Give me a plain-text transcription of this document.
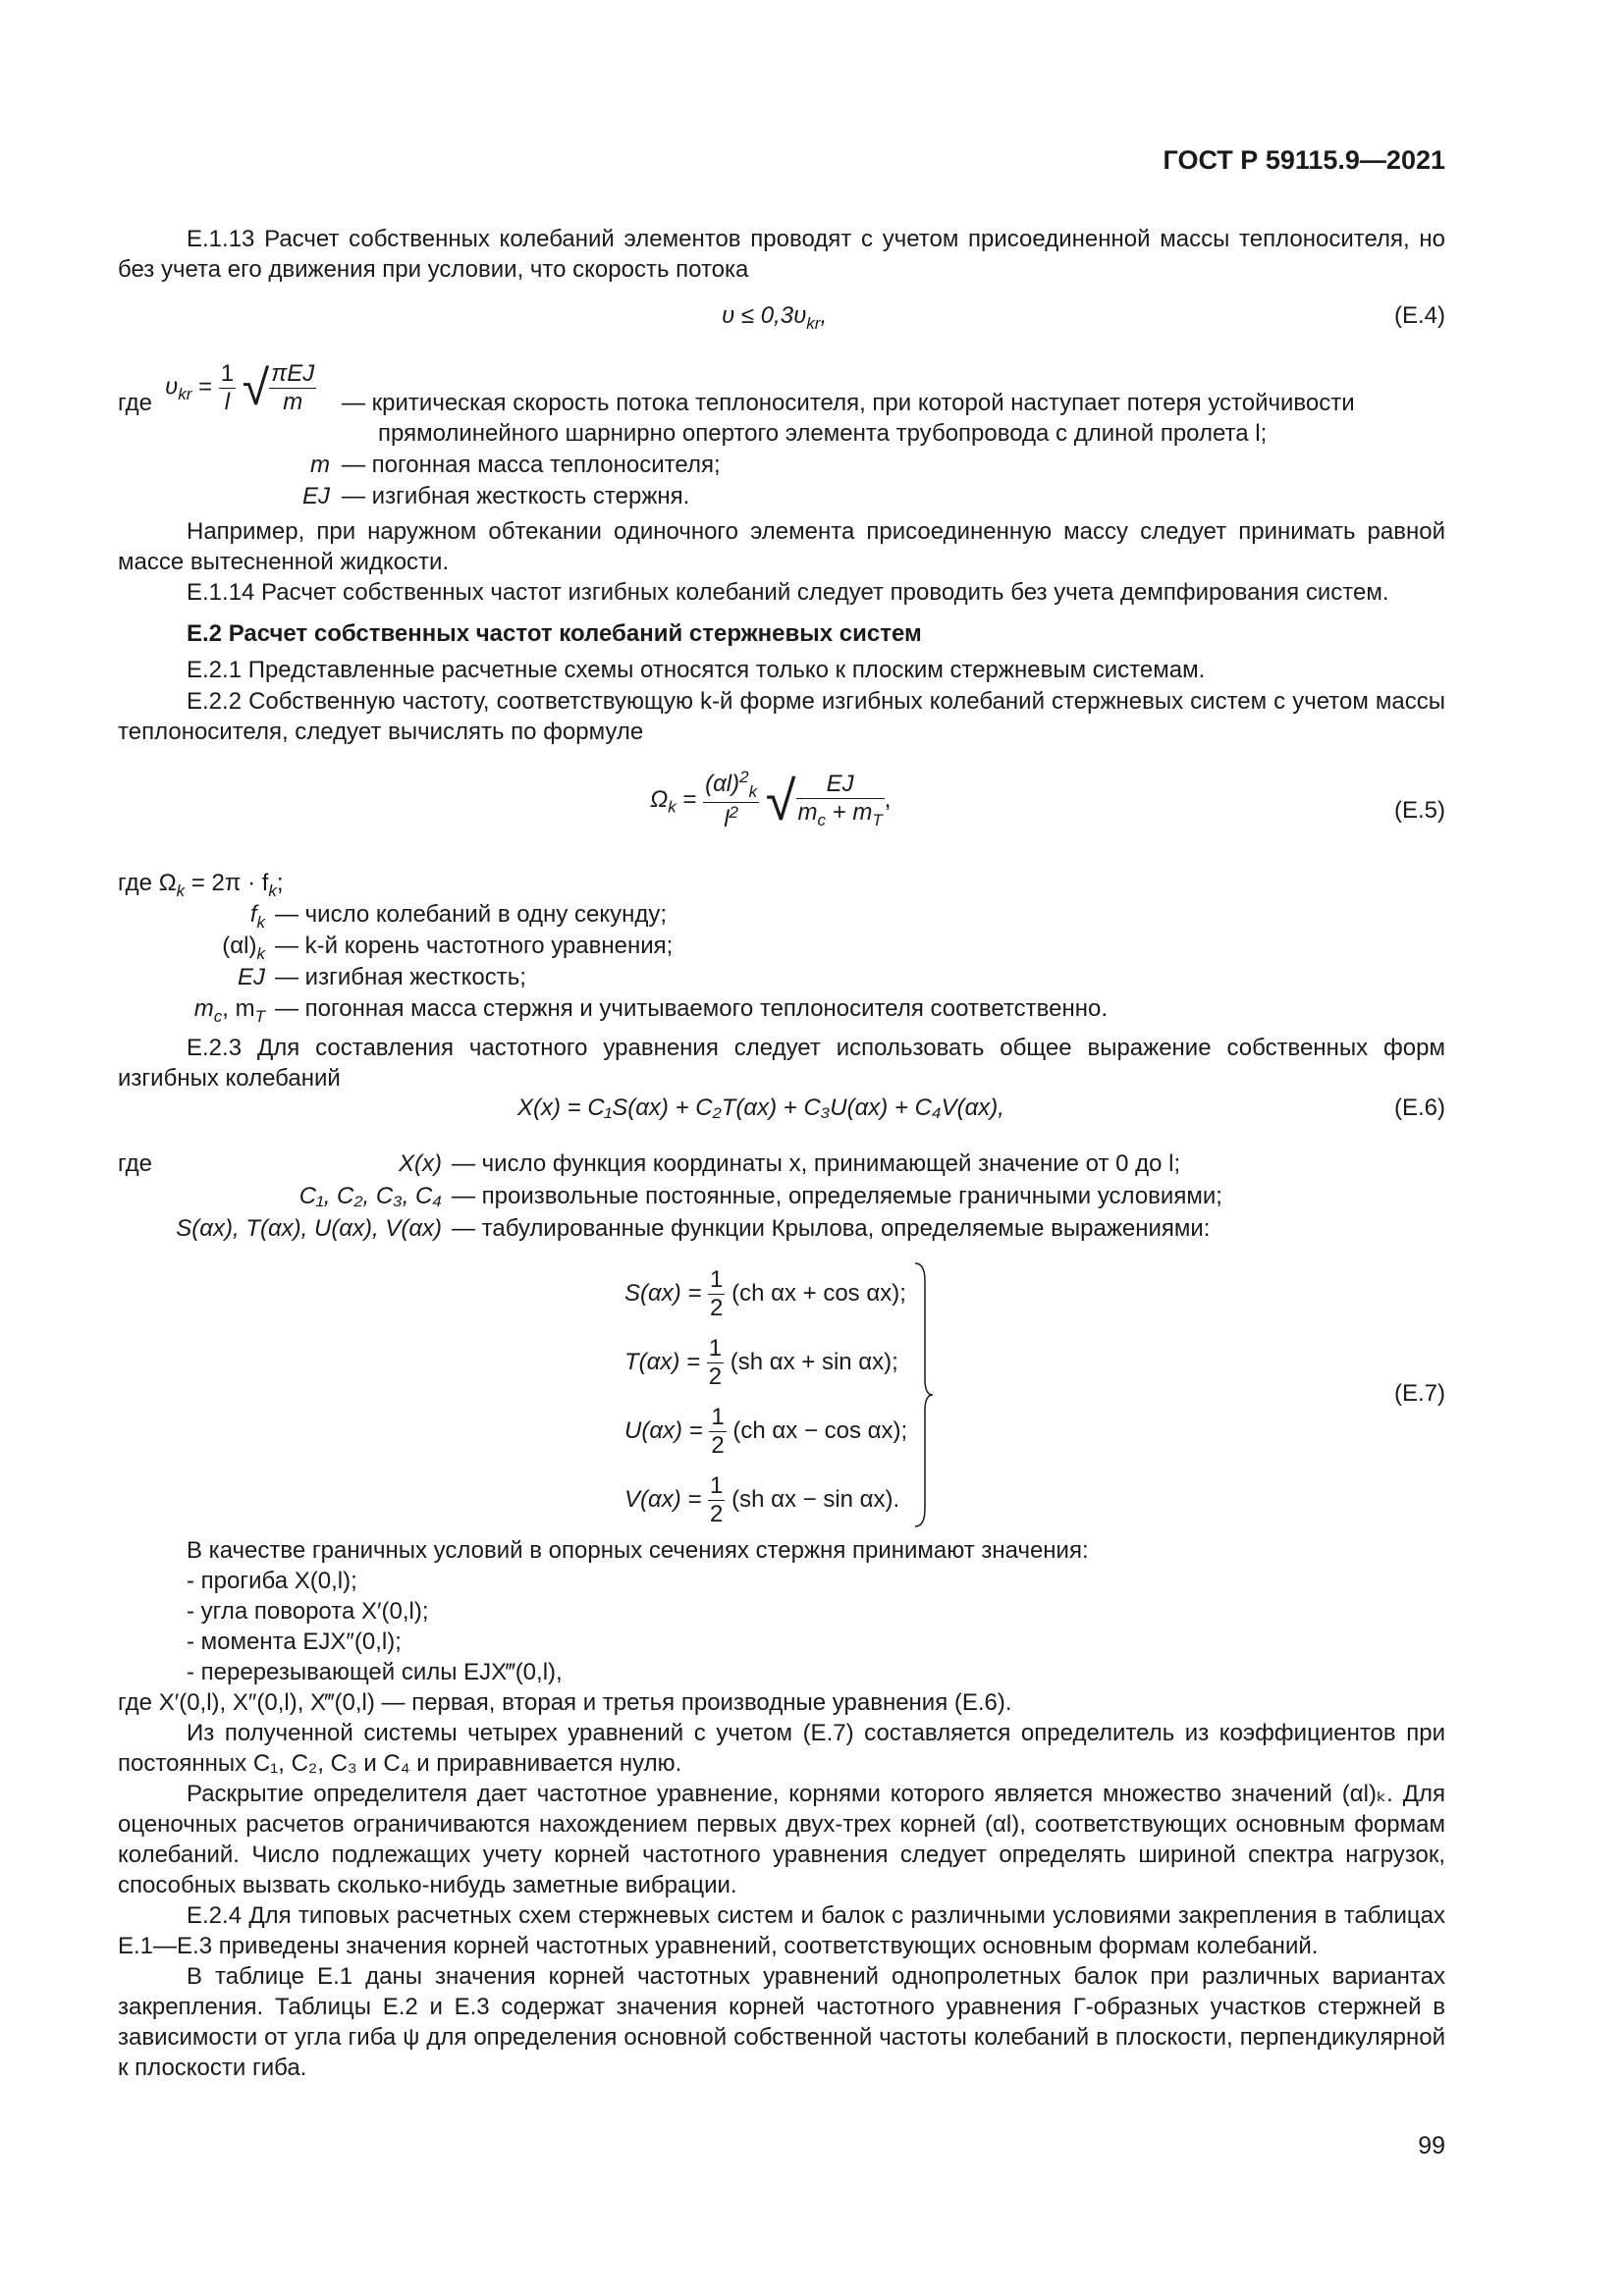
ГОСТ Р 59115.9—2021
Е.1.13 Расчет собственных колебаний элементов проводят с учетом присоединенной массы теплоносителя, но без учета его движения при условии, что скорость потока
$\upsilon \le 0,3\upsilon_{kr}$,	(Е.4)
где
$\upsilon_{kr} = \frac{1}{l}$ √ $\frac{\text{πEJ}}{m}$ — критическая скорость потока теплоносителя, при которой наступает потеря устойчивости
прямолинейного шарнирно опертого элемента трубопровода с длиной пролета l;
m — погонная масса теплоносителя;
EJ — изгибная жесткость стержня.
Например, при наружном обтекании одиночного элемента присоединенную массу следует принимать равной массе вытесненной жидкости.
Е.1.14 Расчет собственных частот изгибных колебаний следует проводить без учета демпфирования систем.
Е.2 Расчет собственных частот колебаний стержневых систем
Е.2.1 Представленные расчетные схемы относятся только к плоским стержневым системам.
Е.2.2 Собственную частоту, соответствующую k-й форме изгибных колебаний стержневых систем с учетом массы теплоносителя, следует вычислять по формуле
$\Omega_k = \frac{(\alpha l)^2_k}{l^2}$ √ $\frac{EJ}{m_c + m_T}$ ,	(Е.5)
где $\Omega_k = 2\pi \cdot f_k$;
$f_k$ — число колебаний в одну секунду;
$(\alpha l)_k$ — k-й корень частотного уравнения;
EJ — изгибная жесткость;
$m_c$, $m_T$ — погонная масса стержня и учитываемого теплоносителя соответственно.
Е.2.3 Для составления частотного уравнения следует использовать общее выражение собственных форм изгибных колебаний
X(x) = C₁S(αx) + C₂T(αx) + C₃U(αx) + C₄V(αx),	(Е.6)
где	X(x) — число функция координаты x, принимающей значение от 0 до l;
C₁, C₂, C₃, C₄ — произвольные постоянные, определяемые граничными условиями;
S(αx), T(αx), U(αx), V(αx) — табулированные функции Крылова, определяемые выражениями:
$S(\alpha x) = \frac{1}{2} (ch$ αx + cos αx);
$T(\alpha x) = \frac{1}{2} (sh$ αx + sin αx);
$U(\alpha x) = \frac{1}{2} (ch$ αx − cos αx);
$V(\alpha x) = \frac{1}{2} (sh$ αx − sin αx).
(Е.7)
В качестве граничных условий в опорных сечениях стержня принимают значения:
- прогиба X(0,l);
- угла поворота X′(0,l);
- момента EJX″(0,l);
- перерезывающей силы EJX‴(0,l),
где X′(0,l), X″(0,l), X‴(0,l) — первая, вторая и третья производные уравнения (Е.6).
Из полученной системы четырех уравнений с учетом (Е.7) составляется определитель из коэффициентов при постоянных C₁, C₂, C₃ и C₄ и приравнивается нулю.
Раскрытие определителя дает частотное уравнение, корнями которого является множество значений (αl)ₖ. Для оценочных расчетов ограничиваются нахождением первых двух-трех корней (αl), соответствующих основным формам колебаний. Число подлежащих учету корней частотного уравнения следует определять шириной спектра нагрузок, способных вызвать сколько-нибудь заметные вибрации.
Е.2.4 Для типовых расчетных схем стержневых систем и балок с различными условиями закрепления в таблицах Е.1—Е.3 приведены значения корней частотных уравнений, соответствующих основным формам колебаний.
В таблице Е.1 даны значения корней частотных уравнений однопролетных балок при различных вариантах закрепления. Таблицы Е.2 и Е.3 содержат значения корней частотного уравнения Г-образных участков стержней в зависимости от угла гиба ψ для определения основной собственной частоты колебаний в плоскости, перпендикулярной к плоскости гиба.
99
